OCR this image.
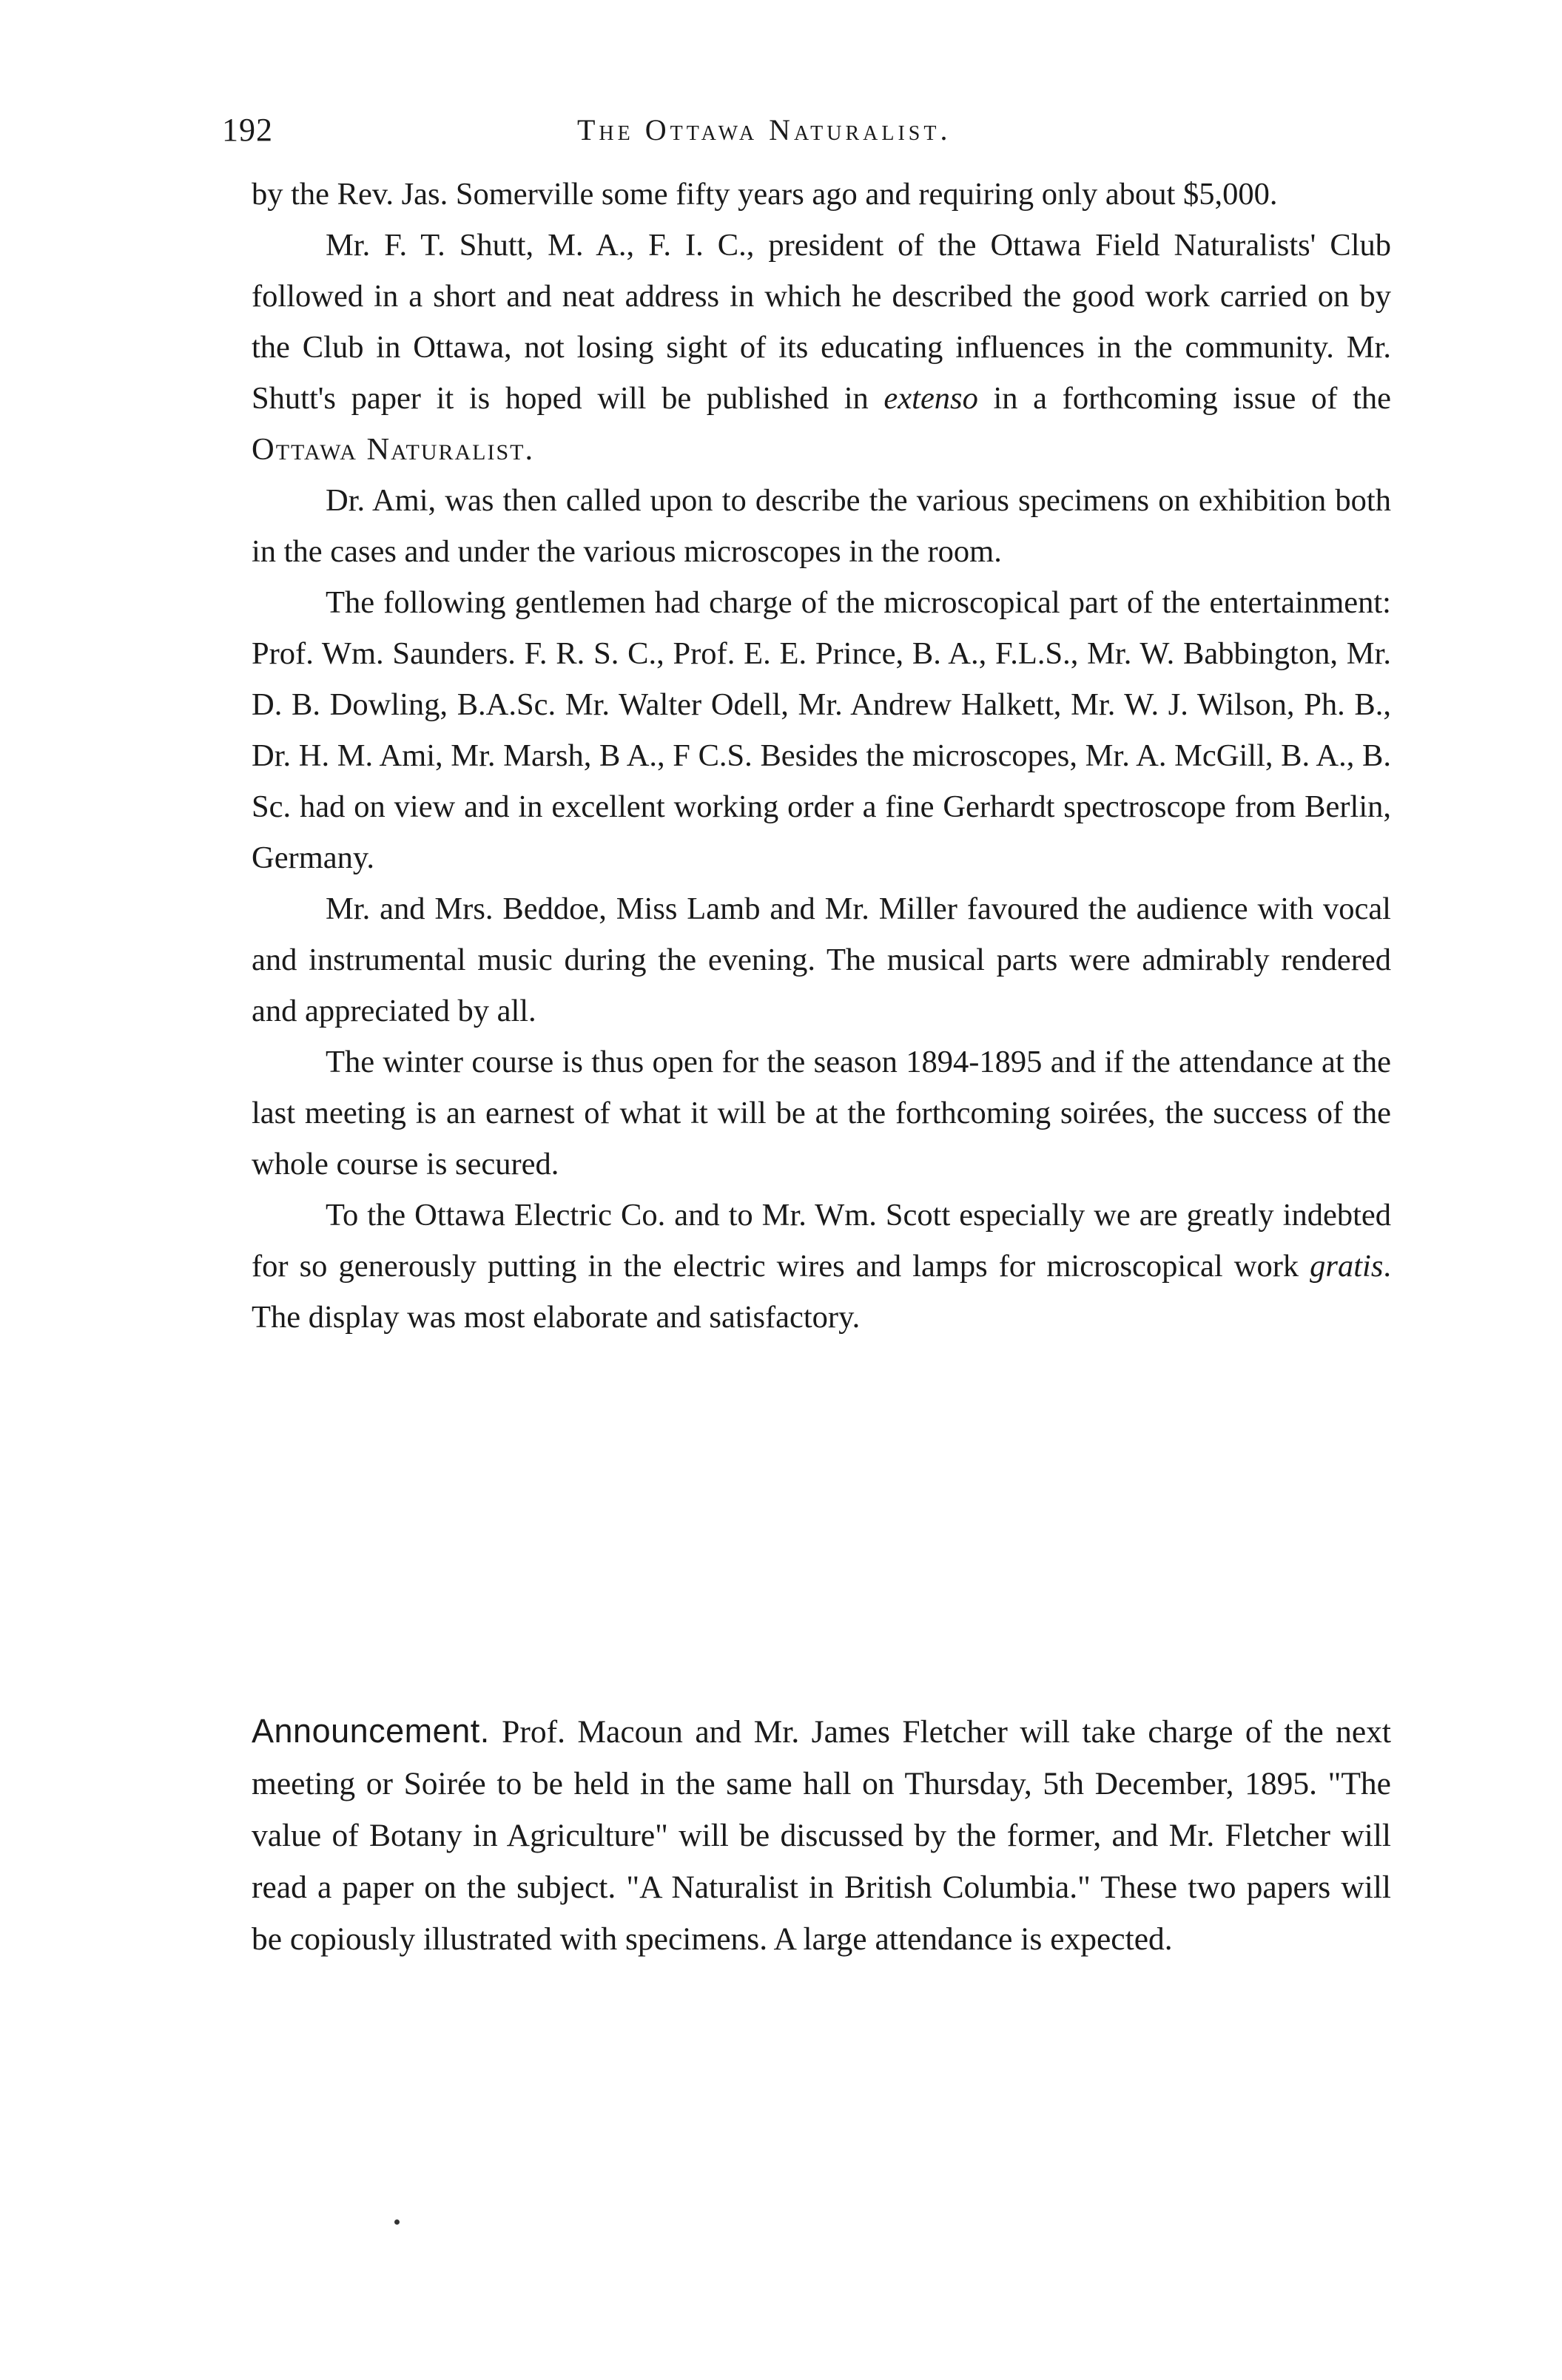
192	The Ottawa Naturalist.

by the Rev. Jas. Somerville some fifty years ago and requiring only about $5,000.

Mr. F. T. Shutt, M. A., F. I. C., president of the Ottawa Field Naturalists' Club followed in a short and neat address in which he described the good work carried on by the Club in Ottawa, not losing sight of its educating influences in the community. Mr. Shutt's paper it is hoped will be published in extenso in a forthcoming issue of the Ottawa Naturalist.

Dr. Ami, was then called upon to describe the various specimens on exhibition both in the cases and under the various microscopes in the room.

The following gentlemen had charge of the microscopical part of the entertainment: Prof. Wm. Saunders. F. R. S. C., Prof. E. E. Prince, B. A., F.L.S., Mr. W. Babbington, Mr. D. B. Dowling, B.A.Sc. Mr. Walter Odell, Mr. Andrew Halkett, Mr. W. J. Wilson, Ph. B., Dr. H. M. Ami, Mr. Marsh, B A., F C.S. Besides the microscopes, Mr. A. McGill, B. A., B. Sc. had on view and in excellent working order a fine Gerhardt spectroscope from Berlin, Germany.

Mr. and Mrs. Beddoe, Miss Lamb and Mr. Miller favoured the audience with vocal and instrumental music during the evening. The musical parts were admirably rendered and appreciated by all.

The winter course is thus open for the season 1894-1895 and if the attendance at the last meeting is an earnest of what it will be at the forthcoming soirées, the success of the whole course is secured.

To the Ottawa Electric Co. and to Mr. Wm. Scott especially we are greatly indebted for so generously putting in the electric wires and lamps for microscopical work gratis. The display was most elaborate and satisfactory.

Announcement. Prof. Macoun and Mr. James Fletcher will take charge of the next meeting or Soirée to be held in the same hall on Thursday, 5th December, 1895. "The value of Botany in Agriculture" will be discussed by the former, and Mr. Fletcher will read a paper on the subject. "A Naturalist in British Columbia." These two papers will be copiously illustrated with specimens. A large attendance is expected.
